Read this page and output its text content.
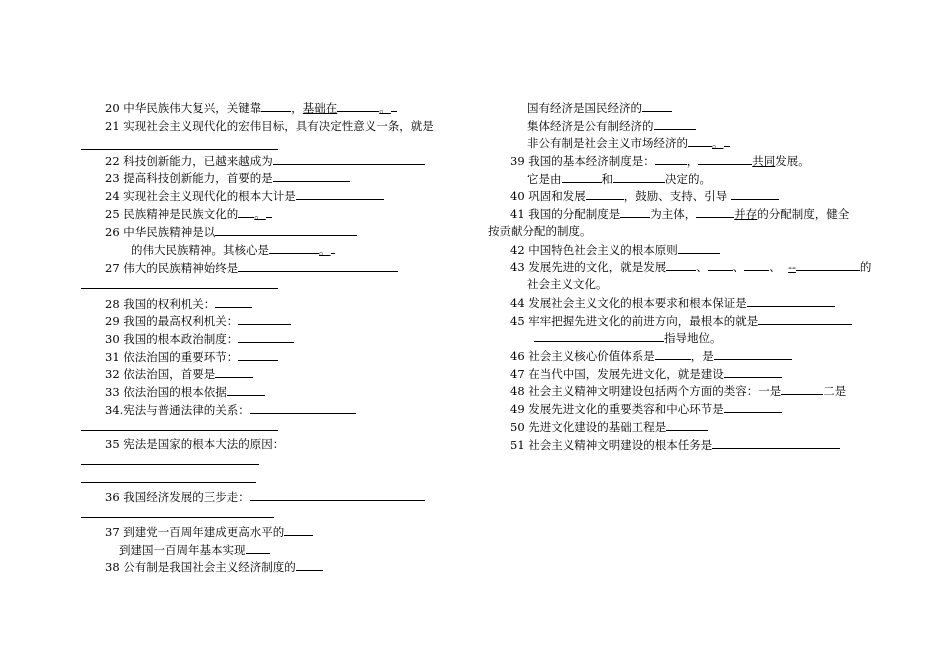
20 中华民族伟大复兴，关键靠	，基础在	。
21 实现社会主义现代化的宏伟目标，具有决定性意义一条，就是
22 科技创新能力，已越来越成为
23 提高科技创新能力，首要的是
24 实现社会主义现代化的根本大计是
25 民族精神是民族文化的 。
26 中华民族精神是以
的伟大民族精神。其核心是	。
27 伟大的民族精神始终是
28 我国的权利机关：
29 我国的最高权利机关：
30 我国的根本政治制度：
31 依法治国的重要环节：
32 依法治国，首要是
33 依法治国的根本依据
34.宪法与普通法律的关系：
35 宪法是国家的根本大法的原因：
36 我国经济发展的三步走：
37 到建党一百周年建成更高水平的
到建国一百周年基本实现
38 公有制是我国社会主义经济制度的
国有经济是国民经济的
集体经济是公有制经济的
非公有制是社会主义市场经济的 。
39 我国的基本经济制度是：	，	共同发展。
它是由	和	决定的。
40 巩固和发展	，鼓励、支持、引导
41 我国的分配制度是	为主体，	并存的分配制度，健全
按贡献分配的制度。
42 中国特色社会主义的根本原则
43 发展先进的文化，就是发展	、 、 、 --	的
社会主义文化。
44 发展社会主义文化的根本要求和根本保证是
45 牢牢把握先进文化的前进方向，最根本的就是
指导地位。
46 社会主义核心价值体系是	，是
47 在当代中国，发展先进文化，就是建设
48 社会主义精神文明建设包括两个方面的类容：一是	二是
49 发展先进文化的重要类容和中心环节是
50 先进文化建设的基础工程是
51 社会主义精神文明建设的根本任务是
